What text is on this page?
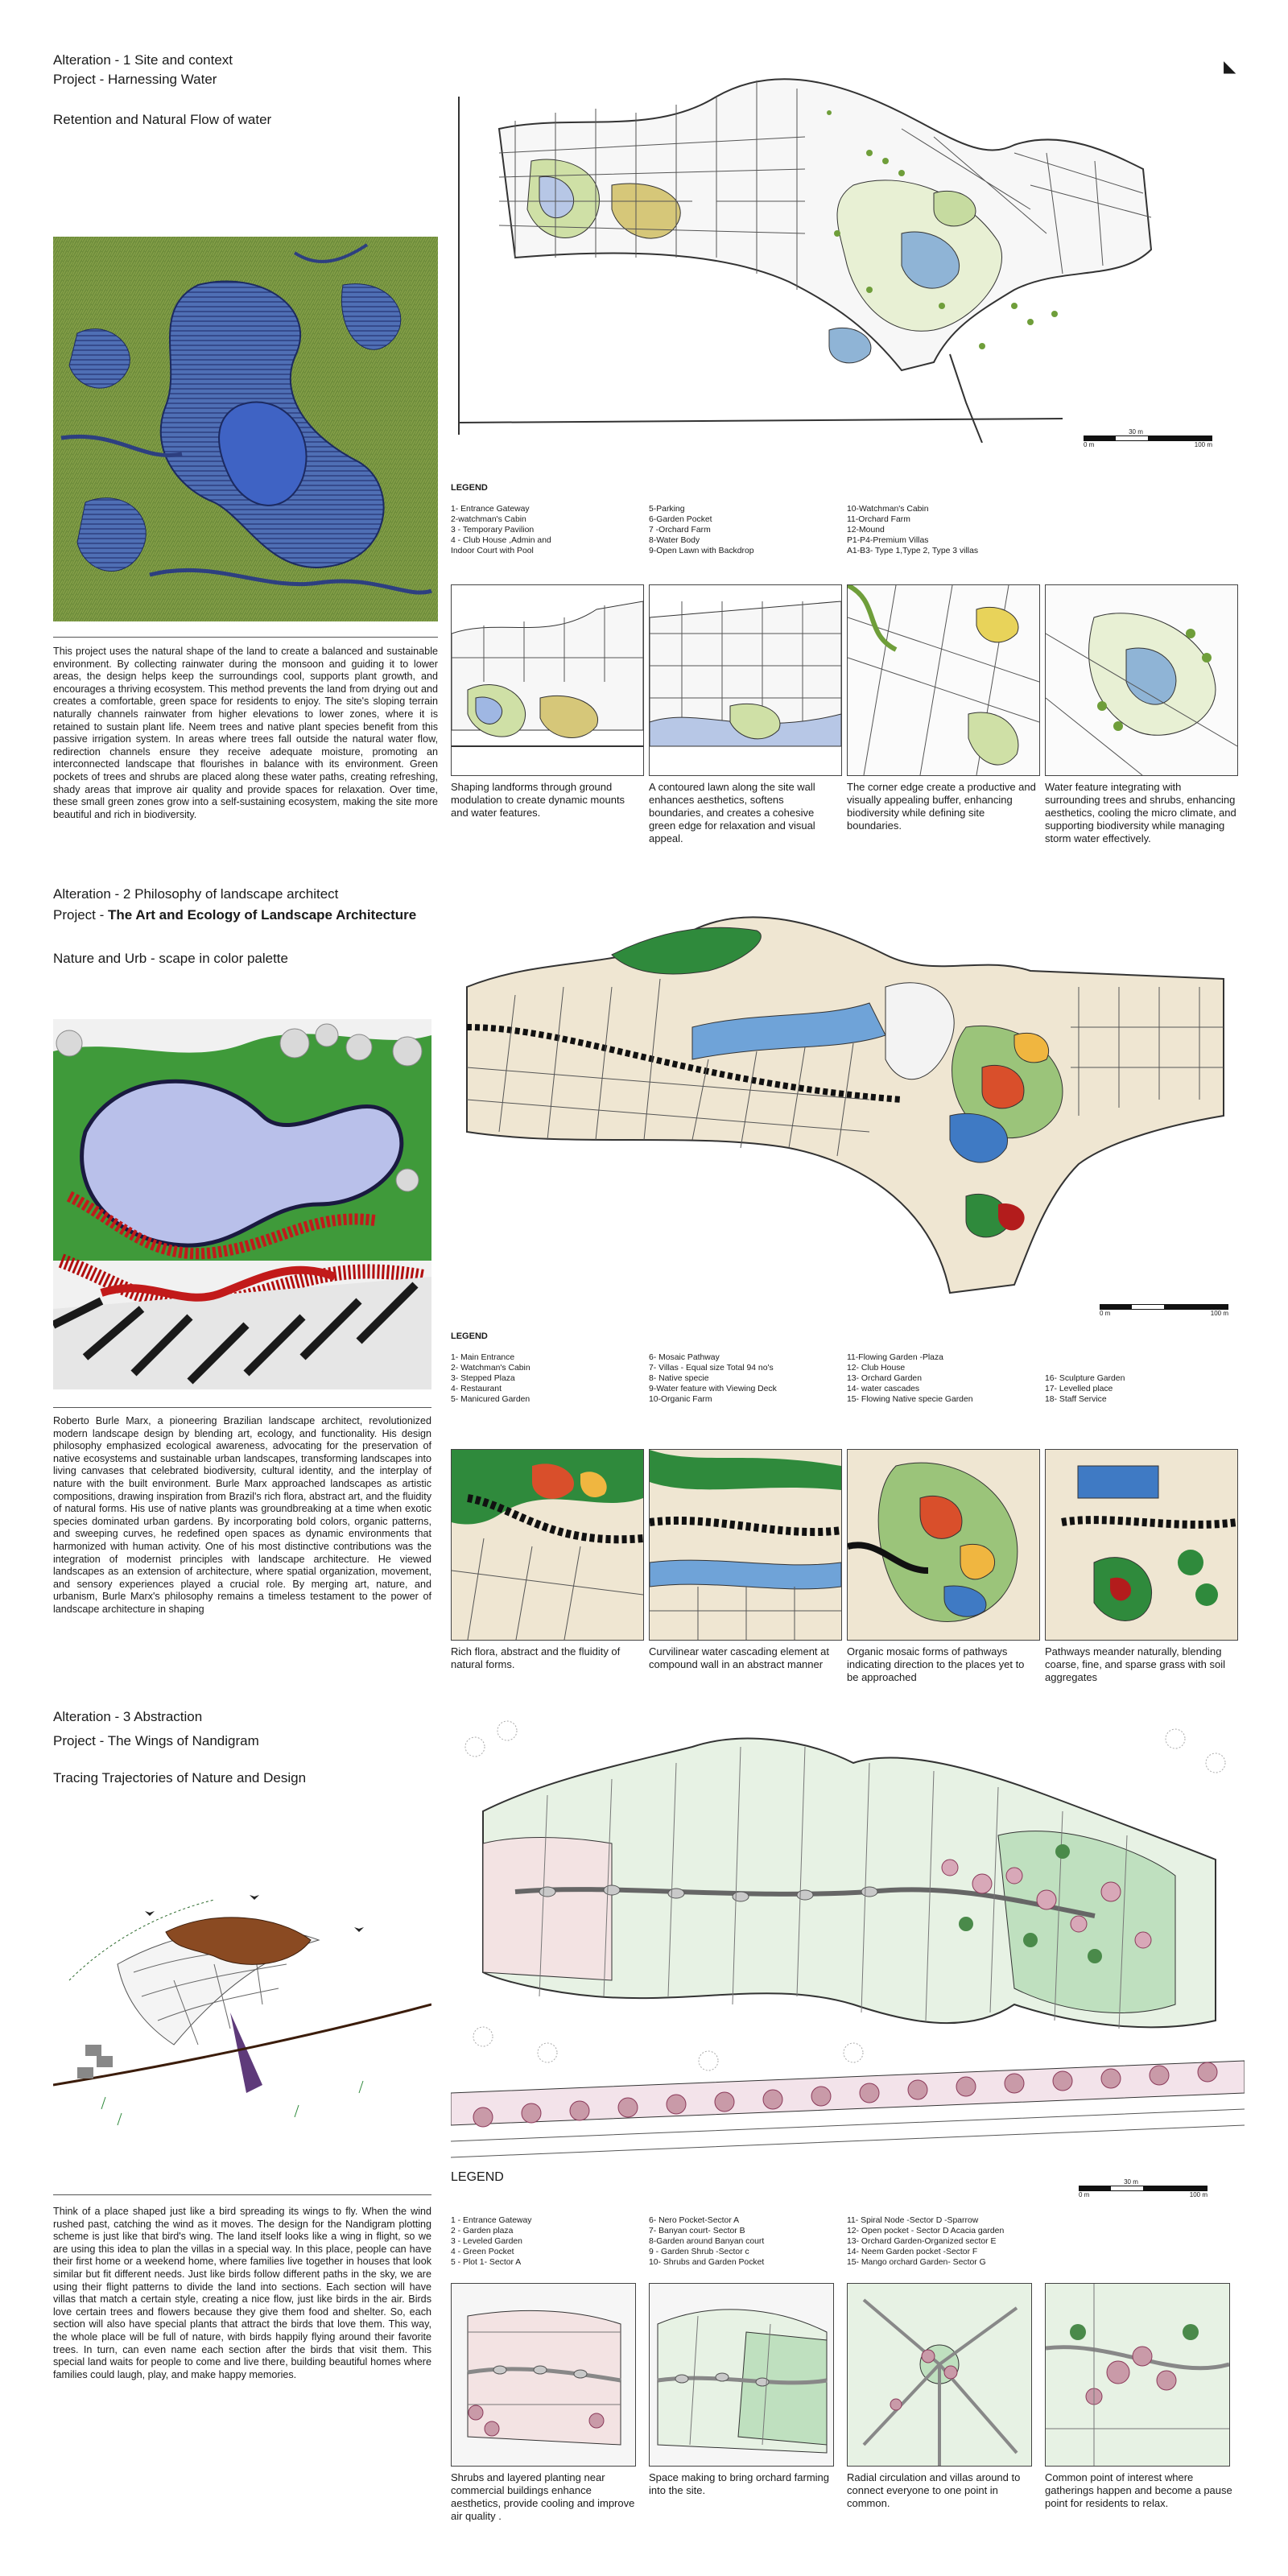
Alteration - 1 Site and context
Project - Harnessing Water
Retention and Natural Flow of water
◣
This project uses the natural shape of the land to create a balanced and sustainable environment. By collecting rainwater during the monsoon and guiding it to lower areas, the design helps keep the surroundings cool, supports plant growth, and encourages a thriving ecosystem. This method prevents the land from drying out and creates a comfortable, green space for residents to enjoy. The site's sloping terrain naturally channels rainwater from higher elevations to lower zones, where it is retained to sustain plant life. Neem trees and native plant species benefit from this passive irrigation system. In areas where trees fall outside the natural water flow, redirection channels ensure they receive adequate moisture, promoting an interconnected landscape that flourishes in balance with its environment. Green pockets of trees and shrubs are placed along these water paths, creating refreshing, shady areas that improve air quality and provide spaces for relaxation. Over time, these small green zones grow into a self-sustaining ecosystem, making the site more beautiful and rich in biodiversity.
30 m
0 m	100 m
LEGEND
1- Entrance Gateway
2-watchman's Cabin
3 - Temporary Pavilion
4 - Club House ,Admin and
Indoor Court with Pool
5-Parking
6-Garden Pocket
7 -Orchard Farm
8-Water Body
9-Open Lawn with Backdrop
10-Watchman's Cabin
11-Orchard Farm
12-Mound
P1-P4-Premium Villas
A1-B3- Type 1,Type 2, Type 3 villas
Shaping landforms through ground modulation to create dynamic mounts and water features.
A contoured lawn along the site wall enhances aesthetics, softens boundaries, and creates a cohesive green edge for relaxation and visual appeal.
The corner edge create a productive and visually appealing buffer, enhancing biodiversity while defining site boundaries.
Water feature integrating with surrounding trees and shrubs, enhancing aesthetics, cooling the micro climate, and supporting biodiversity while managing storm water effectively.
Alteration - 2 Philosophy of landscape architect
Project - The Art and Ecology of Landscape Architecture
Nature and Urb - scape in color palette
Roberto Burle Marx, a pioneering Brazilian landscape architect, revolutionized modern landscape design by blending art, ecology, and functionality. His design philosophy emphasized ecological awareness, advocating for the preservation of native ecosystems and sustainable urban landscapes, transforming landscapes into living canvases that celebrated biodiversity, cultural identity, and the interplay of nature with the built environment. Burle Marx approached landscapes as artistic compositions, drawing inspiration from Brazil's rich flora, abstract art, and the fluidity of natural forms. His use of native plants was groundbreaking at a time when exotic species dominated urban gardens. By incorporating bold colors, organic patterns, and sweeping curves, he redefined open spaces as dynamic environments that harmonized with human activity. One of his most distinctive contributions was the integration of modernist principles with landscape architecture. He viewed landscapes as an extension of architecture, where spatial organization, movement, and sensory experiences played a crucial role. By merging art, nature, and urbanism, Burle Marx's philosophy remains a timeless testament to the power of landscape architecture in shaping
0 m	100 m
LEGEND
1- Main Entrance
2- Watchman's Cabin
3- Stepped Plaza
4- Restaurant
5- Manicured Garden
6- Mosaic Pathway
7- Villas - Equal size Total 94 no's
8- Native specie
9-Water feature with Viewing Deck
10-Organic Farm
11-Flowing Garden -Plaza
12- Club House
13- Orchard Garden
14- water cascades
15- Flowing Native specie Garden
16- Sculpture Garden
17- Levelled place
18- Staff Service
Rich flora, abstract and the fluidity of natural forms.
Curvilinear water cascading element at compound wall in an abstract manner
Organic mosaic forms of pathways indicating direction to the places yet to be approached
Pathways meander naturally, blending coarse, fine, and sparse grass with soil aggregates
Alteration - 3 Abstraction
Project - The Wings of Nandigram
Tracing Trajectories of Nature and Design
Think of a place shaped just like a bird spreading its wings to fly. When the wind rushed past, catching the wind as it moves. The design for the Nandigram plotting scheme is just like that bird's wing. The land itself looks like a wing in flight, so we are using this idea to plan the villas in a special way. In this place, people can have their first home or a weekend home, where families live together in houses that look similar but fit different needs. Just like birds follow different paths in the sky, we are using their flight patterns to divide the land into sections. Each section will have villas that match a certain style, creating a nice flow, just like birds in the air. Birds love certain trees and flowers because they give them food and shelter. So, each section will also have special plants that attract the birds that love them. This way, the whole place will be full of nature, with birds happily flying around their favorite trees. In turn, can even name each section after the birds that visit them. This special land waits for people to come and live there, building beautiful homes where families could laugh, play, and make happy memories.
LEGEND	30 m
0 m	100 m
1 - Entrance Gateway
2 - Garden plaza
3 - Leveled Garden
4 - Green Pocket
5 - Plot 1- Sector A
6- Nero Pocket-Sector A
7- Banyan court- Sector B
8-Garden around Banyan court
9 - Garden Shrub -Sector c
10- Shrubs and Garden Pocket
11- Spiral Node -Sector D -Sparrow
12- Open pocket - Sector D Acacia garden
13- Orchard Garden-Organized sector E
14- Neem Garden pocket -Sector F
15- Mango orchard Garden- Sector G
Shrubs and layered planting near commercial buildings enhance aesthetics, provide cooling and improve air quality .
Space making to bring orchard farming into the site.
Radial circulation and villas around to connect everyone to one point in common.
Common point of interest where gatherings happen and become a pause point for residents to relax.
